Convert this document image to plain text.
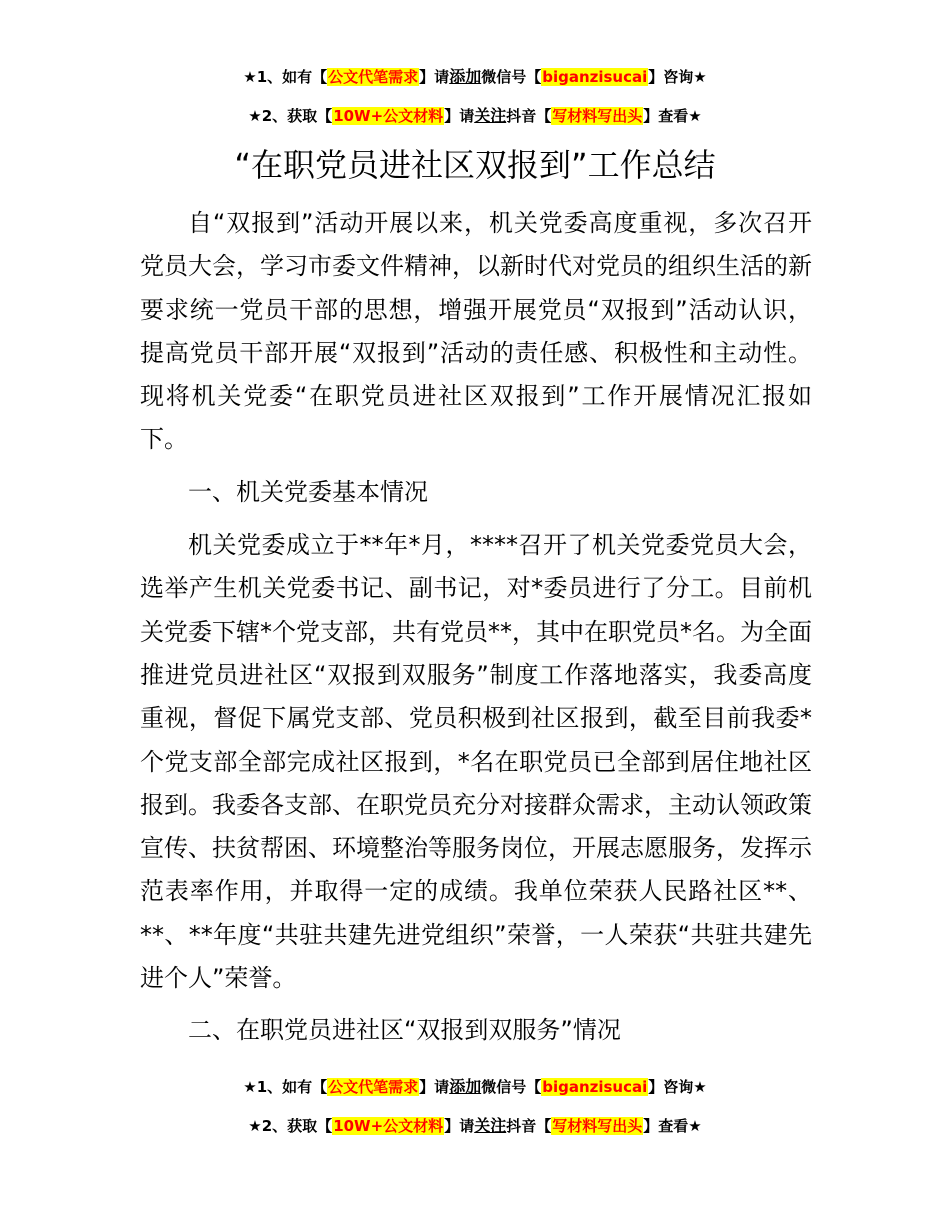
★1、如有【公文代笔需求】请添加微信号【biganzisucai】咨询★
★2、获取【10W+公文材料】请关注抖音【写材料写出头】查看★
“在职党员进社区双报到”工作总结

自“双报到”活动开展以来，机关党委高度重视，多次召开党员大会，学习市委文件精神，以新时代对党员的组织生活的新要求统一党员干部的思想，增强开展党员“双报到”活动认识，提高党员干部开展“双报到”活动的责任感、积极性和主动性。现将机关党委“在职党员进社区双报到”工作开展情况汇报如下。

一、机关党委基本情况

机关党委成立于**年*月，****召开了机关党委党员大会，选举产生机关党委书记、副书记，对*委员进行了分工。目前机关党委下辖*个党支部，共有党员**，其中在职党员*名。为全面推进党员进社区“双报到双服务”制度工作落地落实，我委高度重视，督促下属党支部、党员积极到社区报到，截至目前我委*个党支部全部完成社区报到，*名在职党员已全部到居住地社区报到。我委各支部、在职党员充分对接群众需求，主动认领政策宣传、扶贫帮困、环境整治等服务岗位，开展志愿服务，发挥示范表率作用，并取得一定的成绩。我单位荣获人民路社区**、**、**年度“共驻共建先进党组织”荣誉，一人荣获“共驻共建先进个人”荣誉。

二、在职党员进社区“双报到双服务”情况

★1、如有【公文代笔需求】请添加微信号【biganzisucai】咨询★
★2、获取【10W+公文材料】请关注抖音【写材料写出头】查看★
